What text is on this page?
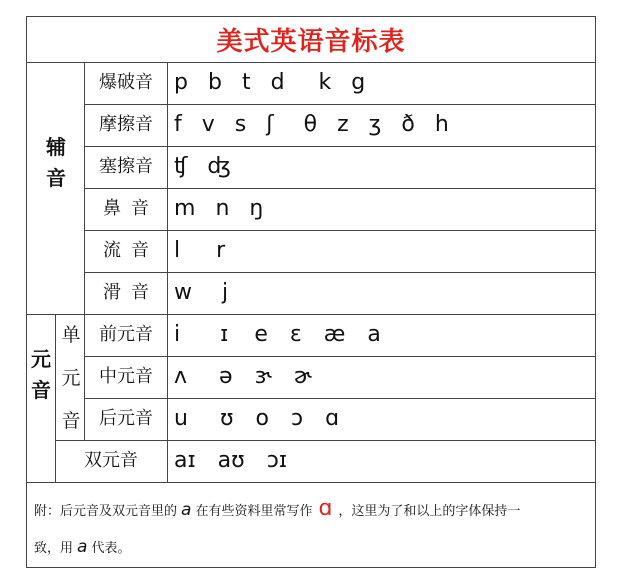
美式英语音标表
辅
音
爆破音
摩擦音
塞擦音
鼻音
流音
滑音
p b t d k g
f v s ʃ θ z ʒ ð h
ʧ ʤ
m n ŋ
l r
w j
元
音
单
元
音
前元音
中元音
后元音
双元音
i ɪ e ɛ æ a
ʌ ə ɝ ɚ
u ʊ o ɔ ɑ
aɪ aʊ ɔɪ
附：后元音及双元音里的 a 在有些资料里常写作 ɑ ，这里为了和以上的字体保持一
致，用 a 代表。
